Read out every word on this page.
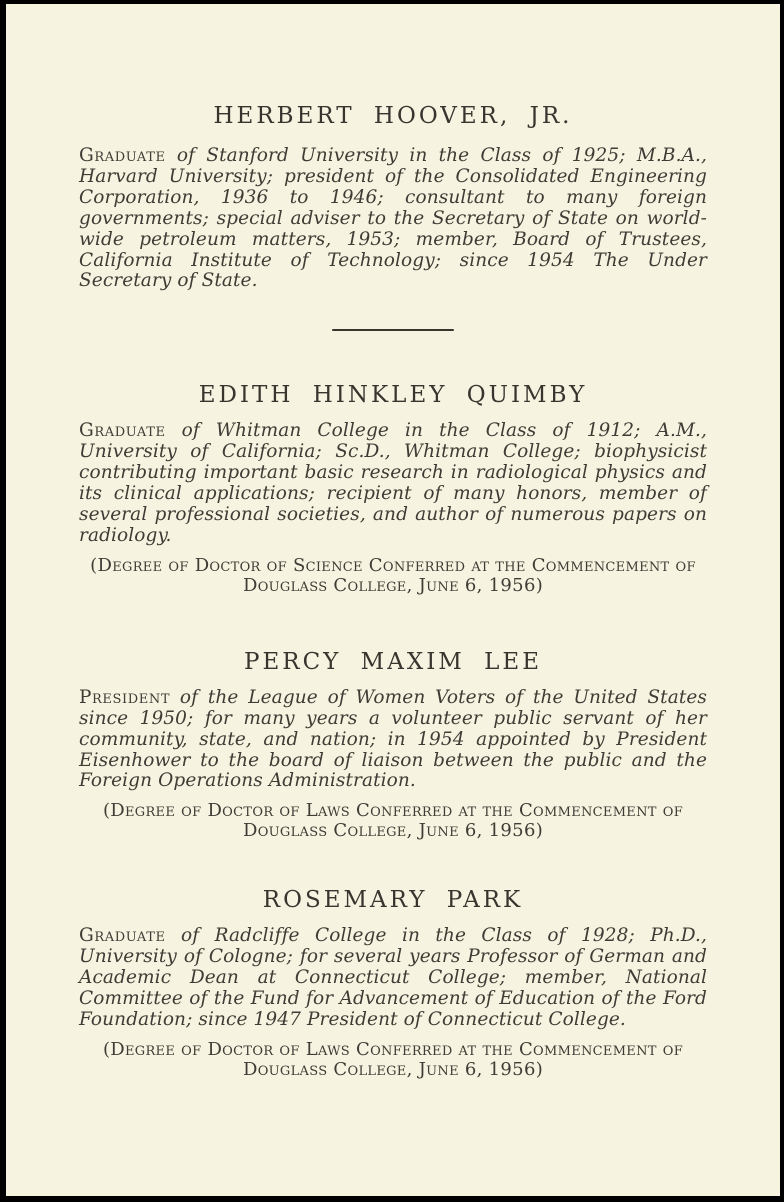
HERBERT HOOVER, JR.

Graduate of Stanford University in the Class of 1925; M.B.A., Harvard University; president of the Consolidated Engineering Corporation, 1936 to 1946; consultant to many foreign governments; special adviser to the Secretary of State on world-wide petroleum matters, 1953; member, Board of Trustees, California Institute of Technology; since 1954 The Under Secretary of State.

EDITH HINKLEY QUIMBY

Graduate of Whitman College in the Class of 1912; A.M., University of California; Sc.D., Whitman College; biophysicist contributing important basic research in radiological physics and its clinical applications; recipient of many honors, member of several professional societies, and author of numerous papers on radiology.

(Degree of Doctor of Science Conferred at the Commencement of
Douglass College, June 6, 1956)

PERCY MAXIM LEE

President of the League of Women Voters of the United States since 1950; for many years a volunteer public servant of her community, state, and nation; in 1954 appointed by President Eisenhower to the board of liaison between the public and the Foreign Operations Administration.

(Degree of Doctor of Laws Conferred at the Commencement of
Douglass College, June 6, 1956)

ROSEMARY PARK

Graduate of Radcliffe College in the Class of 1928; Ph.D., University of Cologne; for several years Professor of German and Academic Dean at Connecticut College; member, National Committee of the Fund for Advancement of Education of the Ford Foundation; since 1947 President of Connecticut College.

(Degree of Doctor of Laws Conferred at the Commencement of
Douglass College, June 6, 1956)
